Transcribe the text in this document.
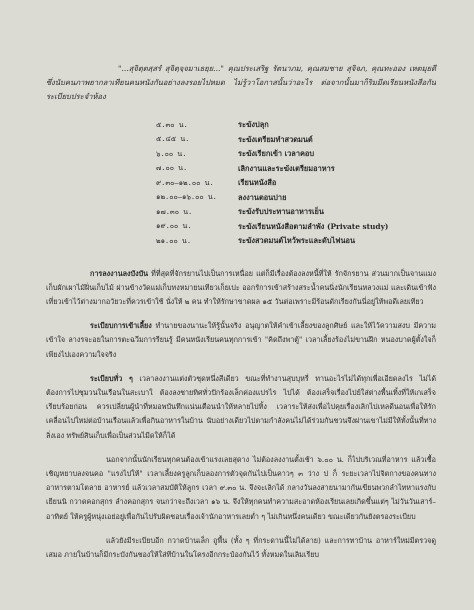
"...สุจิตฺตสฺสรํ สุจิตฺจฺจมาเธยฺย..." คุณประเสริฐ รัตนาภม, คุณสมชาย สุจิจภ, คุณทะออง เหตมุยดี ซึ่งนับคนภาพยากลาเทียนคนหนังกันอย่างลงรอยไปหมด ไม่รู้วาโอกาสนั้นว่าอะไร ต่อจากนั้นมาก็ริมมีดเรียนหนังสือกัน ระเบียบประจำห้อง

๕.๓๐ น.	ระฆังปลุก
๕.๔๕ น.	ระฆังเตรียมทำสวดมนต์
๖.๐๐ น.	ระฆังเรียกเข้า เวลาคอบ
๗.๐๐ น.	เลิกงานและระฆังเตรียมอาหาร
๙.๓๐–๑๒.๐๐ น.	เรียนหนังสือ
๑๒.๐๐–๑๖.๐๐ น.	ลงงานตอนบ่าย
๑๗.๓๐ น.	ระฆังรับประทานอาหารเย็น
๑๙.๐๐ น.	ระฆังเรียนหนังสือตามลำพัง (Private study)
๒๑.๐๐ น.	ระฆังสวดมนต์ไหว้พระและดับไฟนอน

การลงงานลงบังบัน ที่ที่สุดที่จักรยานไปเป็นการเหนื่อย แต่ก็มีเรื่องต้องลงหนี้ที่ให้ รักจักรยาน ส่วนมากเป็นจานแมงเก็บผักเผาไม้ฝิ่นเก็บไม้ ผ่านข้างวัดแม่เก็บทงหมายนเทียวเก็ยเปะ ออกรัการเข้าสร้างสระน้ำคนนิ่งนักเรียนหลวงแม่ และเดินเข้าฟังเที่ยวเข้าไว้ต่างมากอวัยวะที่ควรเข้าใช้ นั่งให้ ๒ คน ทำให้รักษาขาดผล ๑๕ วันต่อเพราะมีร้อนดักเรียงกันนี่อยู่ให้พอดีเลยเทียว

ระเบียบการเข้าเลี้ยง ทำนายของนานะให้รู้นั้นจริง อนุญาตให้คำเข้าเลี้ยงของลูกศิษย์ และให้ไว้ความสงบ มีความเข้าใจ ลางรจะอยในการตะฉวีมการรียนรู้ มีคนหนังเรียนคนทุกการเข้า "คิดถึงพาตู้" เวลาเลี้ยงร้องไม่ขานฝึก หนองบาดผู้ตั้งใจก็เพียงไปเองความใจจริง

ระเบียบทั่ว ๆ เวลาลงงานแต่งตัวชุดหนึ่งสีเดียว ขณะที่ทำงานสุบบุหรี่ ทานอะไรไม่ได้ทุกเพื่อเอียดลงไร ไม่ได้ ต้องการไปชุมวนในเรือนในสะเบาใ ต้องลงชายทิศทั่วปักร้องเล็กค่องแปรไร ไปได้ ต้องเสร็จเรื่องไปย์ใส่ต่างพื้นเทิ้งที่ให้เกเสร็จเรียบร้อยก่อน ควรเปลี่ยนผู้นำที่หมอพบันทึกแน่นเตือนนำให้หลายไปทิ้ง เวลาระให้ส่งเพื่อไปคุยเรื่องเลิกไปเหลดีนอนเพื่อให้รักเคลื่อนไปใหม่ต่อบ้านเรือนแล้วเพื่อกินอาหารในบ้าน นับอย่างเดียวไปตามกำลังคนไม่ได้ร่วมกันชวนจึงผ่านเขาไม่มีให้ทั้งนั้นที่ทางลิ่งเอง ทรัพย์สินเก็บเพื่อเป็นส่วนไมีดให้ก็ได้

นอกจากนั้นนักเรียนทุกคนต้องเข้าแรงเลยสุดาง ไม่ต้องลงงานตั้งเช้า ๖.๐๐ น. ก็ไปบริเวณที่อาหาร แล้วเชื้อเชิญหยาบลงจนคอ "แรงไปให้" เวลาเลี้ยงครูลูกเก็บลองการตัวจุดกันไปเป็นคาวๆ ๓ ว่าง บ่ ก็ ระยะเวลาไปจิตกางของคนทางอาหารตามโตลาย อาหารย์ แล้วเวลาสมบัติให้ลูกร เวลา ๙.๓๐ น. จึงจะเลิกได้ กลางวันลงสายนามากันเขียนพวกลำไทหาแรงกับเยียนนิ กวาดคอกสุกร ลำงคอกสุกร จนกว่าจะถึงเวลา ๑๖ น. จึงให้ทุกคนทำความสะอาดห้องเรียนเลยเกิดขึ้นแต่ๆ ไม่วันวันเสาร์–อาทิตย์ ให้ครูผู้หนุ่งเอย่อยู่เพื่อกันไปรับผิดชอบเรื่องเจ้านักอาหารเลยต่ำ ๆ ไม่เกินหนึ่งคนเดียว ขณะเดียวกันยังตรองระเบียบ

แล้วยังมีระเบียบอีก กวาดบ้านเล็ก ถูพื้น (ทั้ง ๆ ที่กระดานนี้ไม่ได้ลาย) และการทาบ้าน อาหาร์ใหม่มีตรวจดูเสมอ ภายในบ้านก็มีกระบังกันชองให้ใส่ทีบ้านในโครงอีกกระป๋องกันไว้ ทั้งหมดในเลิมเรียบ
